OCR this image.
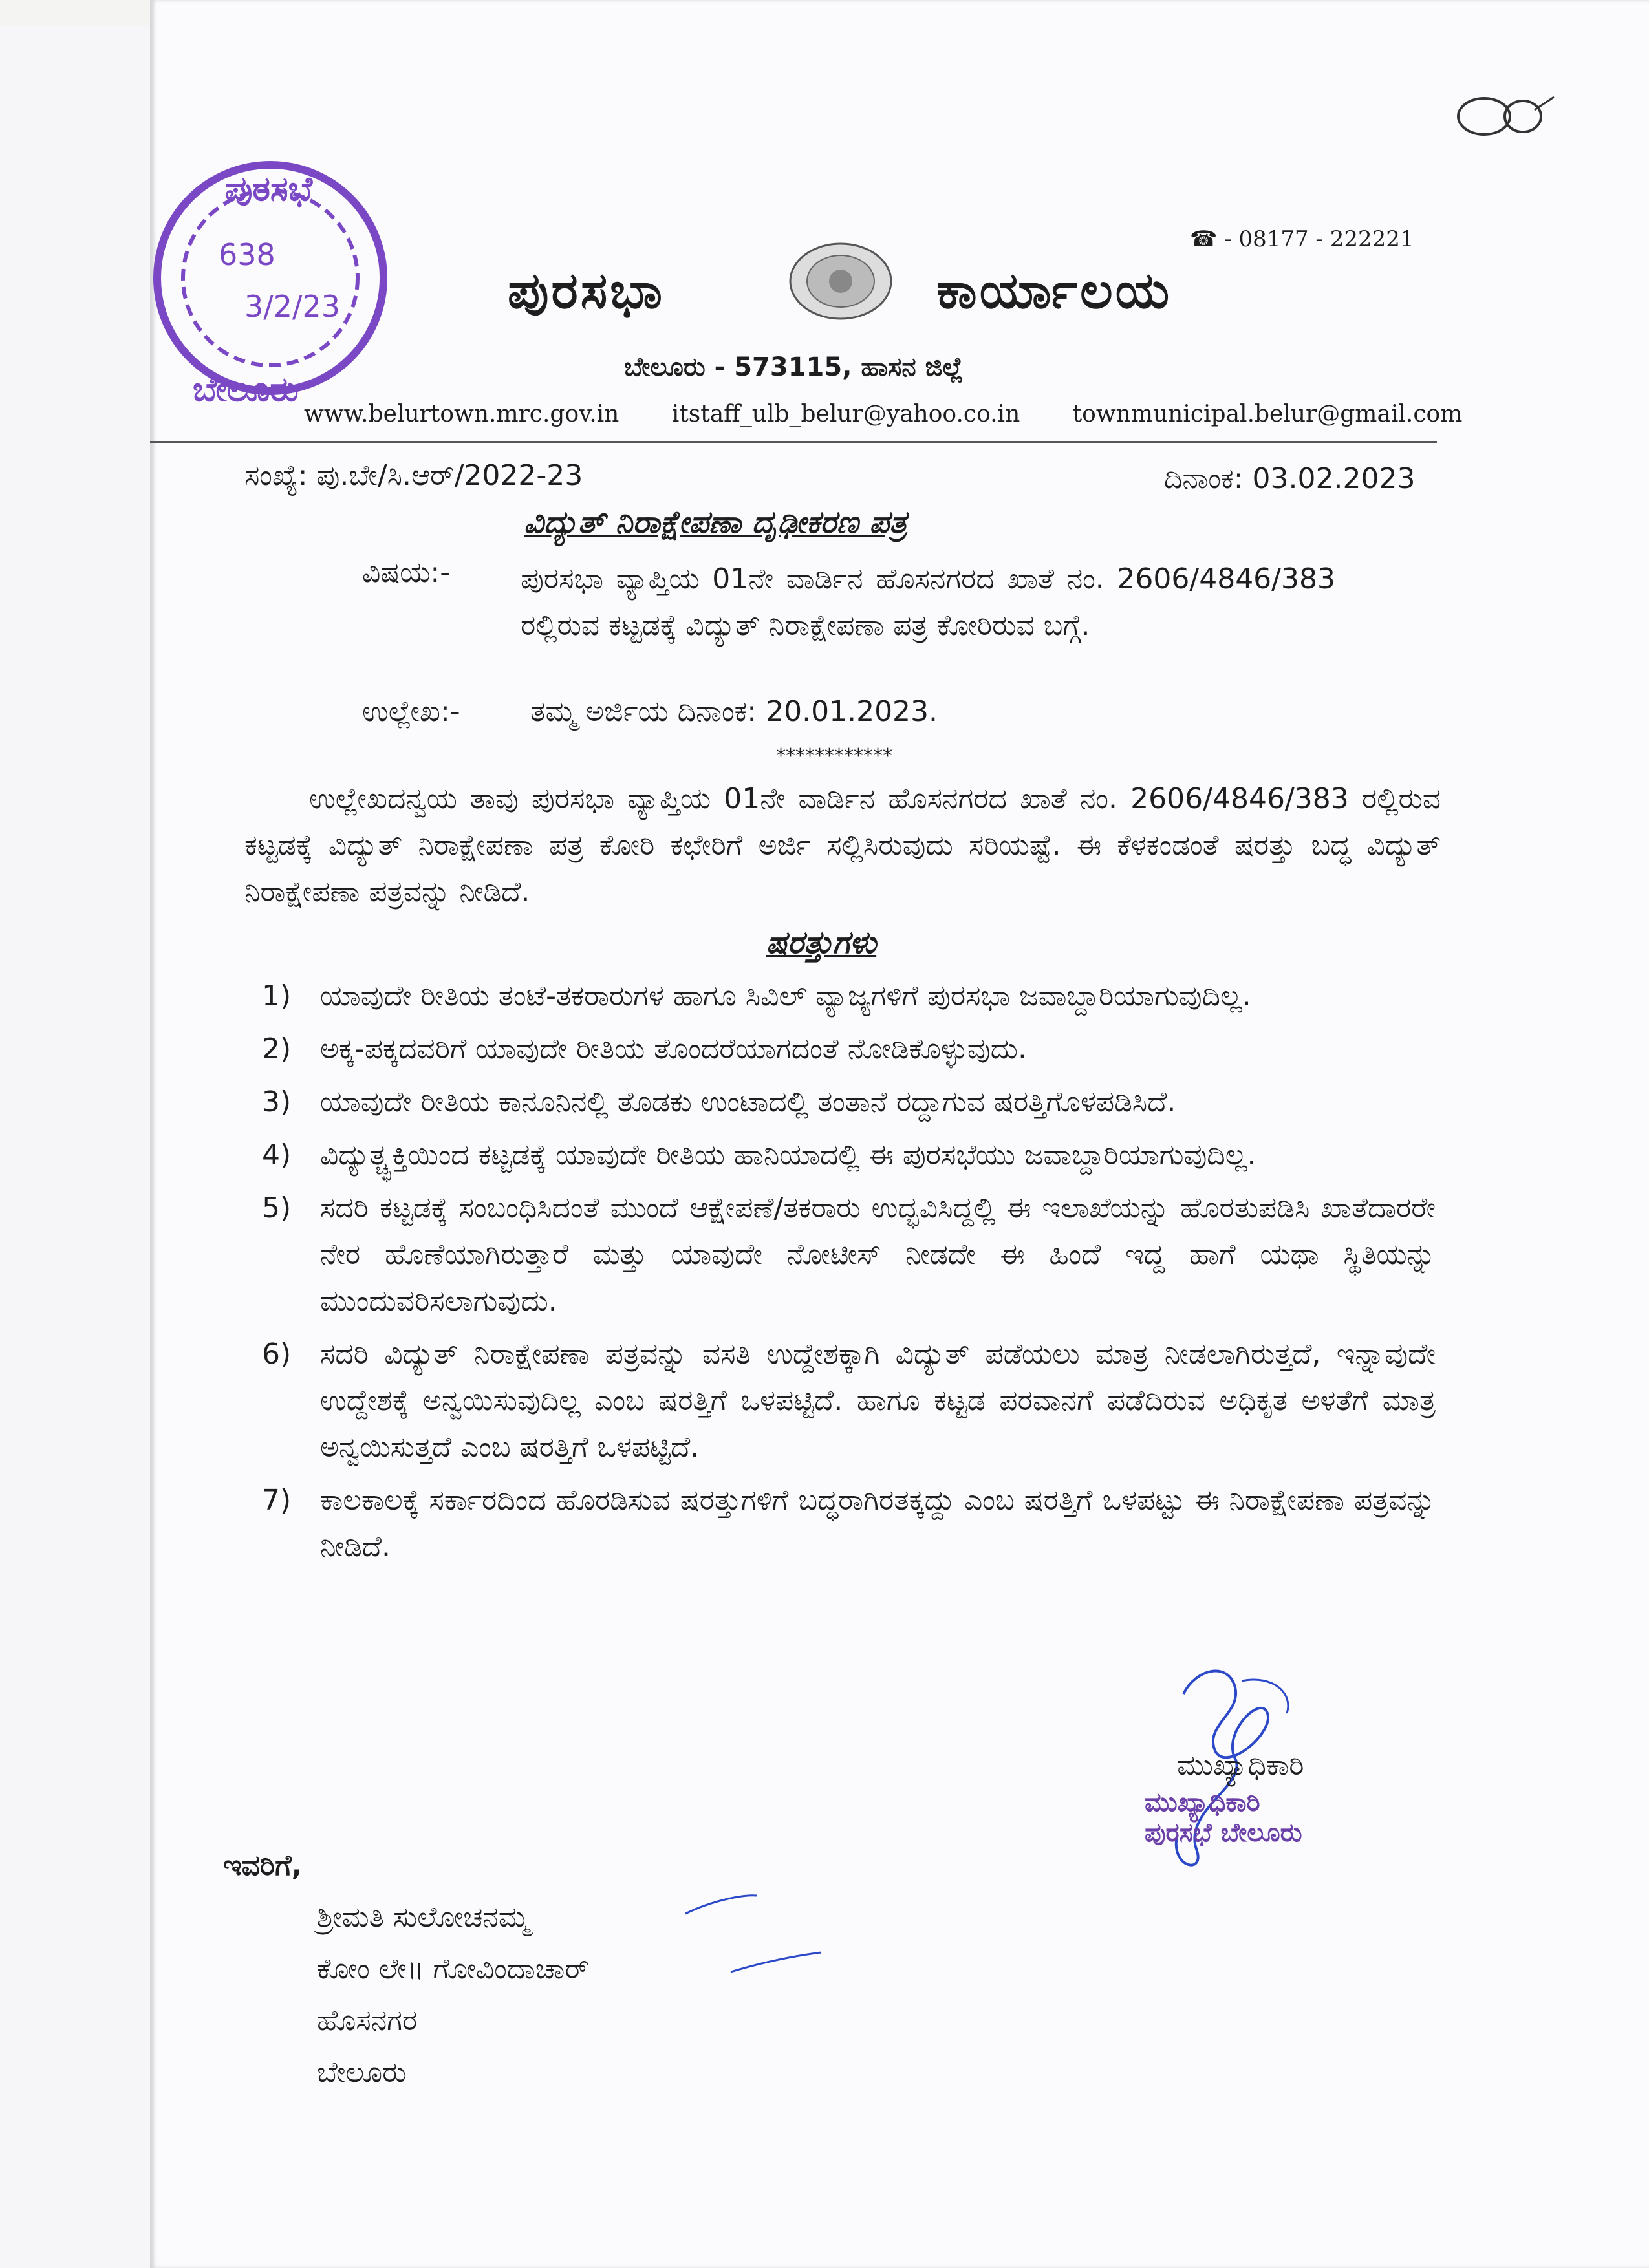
ಪುರಸಭೆ
638
3/2/23
ಬೇಲೂರು
☎ - 08177 - 222221
ಪುರಸಭಾ	ಕಾರ್ಯಾಲಯ
ಬೇಲೂರು - 573115, ಹಾಸನ ಜಿಲ್ಲೆ
www.belurtown.mrc.gov.in itstaff_ulb_belur@yahoo.co.in townmunicipal.belur@gmail.com
ಸಂಖ್ಯೆ: ಪು.ಬೇ/ಸಿ.ಆರ್/2022-23	ದಿನಾಂಕ: 03.02.2023
ವಿದ್ಯುತ್ ನಿರಾಕ್ಷೇಪಣಾ ದೃಢೀಕರಣ ಪತ್ರ
ವಿಷಯ:- ಪುರಸಭಾ ವ್ಯಾಪ್ತಿಯ 01ನೇ ವಾರ್ಡಿನ ಹೊಸನಗರದ ಖಾತೆ ನಂ. 2606/4846/383 ರಲ್ಲಿರುವ ಕಟ್ಟಡಕ್ಕೆ ವಿದ್ಯುತ್ ನಿರಾಕ್ಷೇಪಣಾ ಪತ್ರ ಕೋರಿರುವ ಬಗ್ಗೆ.
ಉಲ್ಲೇಖ:- ತಮ್ಮ ಅರ್ಜಿಯ ದಿನಾಂಕ: 20.01.2023.
************
ಉಲ್ಲೇಖದನ್ವಯ ತಾವು ಪುರಸಭಾ ವ್ಯಾಪ್ತಿಯ 01ನೇ ವಾರ್ಡಿನ ಹೊಸನಗರದ ಖಾತೆ ನಂ. 2606/4846/383 ರಲ್ಲಿರುವ ಕಟ್ಟಡಕ್ಕೆ ವಿದ್ಯುತ್ ನಿರಾಕ್ಷೇಪಣಾ ಪತ್ರ ಕೋರಿ ಕಛೇರಿಗೆ ಅರ್ಜಿ ಸಲ್ಲಿಸಿರುವುದು ಸರಿಯಷ್ಟೆ. ಈ ಕೆಳಕಂಡಂತೆ ಷರತ್ತು ಬದ್ಧ ವಿದ್ಯುತ್ ನಿರಾಕ್ಷೇಪಣಾ ಪತ್ರವನ್ನು ನೀಡಿದೆ.
ಷರತ್ತುಗಳು
1)	ಯಾವುದೇ ರೀತಿಯ ತಂಟೆ-ತಕರಾರುಗಳ ಹಾಗೂ ಸಿವಿಲ್ ವ್ಯಾಜ್ಯಗಳಿಗೆ ಪುರಸಭಾ ಜವಾಬ್ದಾರಿಯಾಗುವುದಿಲ್ಲ.
2)	ಅಕ್ಕ-ಪಕ್ಕದವರಿಗೆ ಯಾವುದೇ ರೀತಿಯ ತೊಂದರೆಯಾಗದಂತೆ ನೋಡಿಕೊಳ್ಳುವುದು.
3)	ಯಾವುದೇ ರೀತಿಯ ಕಾನೂನಿನಲ್ಲಿ ತೊಡಕು ಉಂಟಾದಲ್ಲಿ ತಂತಾನೆ ರದ್ದಾಗುವ ಷರತ್ತಿಗೊಳಪಡಿಸಿದೆ.
4)	ವಿದ್ಯುತ್ಚ್ಛಕ್ತಿಯಿಂದ ಕಟ್ಟಡಕ್ಕೆ ಯಾವುದೇ ರೀತಿಯ ಹಾನಿಯಾದಲ್ಲಿ ಈ ಪುರಸಭೆಯು ಜವಾಬ್ದಾರಿಯಾಗುವುದಿಲ್ಲ.
5)	ಸದರಿ ಕಟ್ಟಡಕ್ಕೆ ಸಂಬಂಧಿಸಿದಂತೆ ಮುಂದೆ ಆಕ್ಷೇಪಣೆ/ತಕರಾರು ಉದ್ಭವಿಸಿದ್ದಲ್ಲಿ ಈ ಇಲಾಖೆಯನ್ನು ಹೊರತುಪಡಿಸಿ ಖಾತೆದಾರರೇ ನೇರ ಹೊಣೆಯಾಗಿರುತ್ತಾರೆ ಮತ್ತು ಯಾವುದೇ ನೋಟೀಸ್ ನೀಡದೇ ಈ ಹಿಂದೆ ಇದ್ದ ಹಾಗೆ ಯಥಾ ಸ್ಥಿತಿಯನ್ನು ಮುಂದುವರಿಸಲಾಗುವುದು.
6)	ಸದರಿ ವಿದ್ಯುತ್ ನಿರಾಕ್ಷೇಪಣಾ ಪತ್ರವನ್ನು ವಸತಿ ಉದ್ದೇಶಕ್ಕಾಗಿ ವಿದ್ಯುತ್ ಪಡೆಯಲು ಮಾತ್ರ ನೀಡಲಾಗಿರುತ್ತದೆ, ಇನ್ನಾವುದೇ ಉದ್ದೇಶಕ್ಕೆ ಅನ್ವಯಿಸುವುದಿಲ್ಲ ಎಂಬ ಷರತ್ತಿಗೆ ಒಳಪಟ್ಟಿದೆ. ಹಾಗೂ ಕಟ್ಟಡ ಪರವಾನಗೆ ಪಡೆದಿರುವ ಅಧಿಕೃತ ಅಳತೆಗೆ ಮಾತ್ರ ಅನ್ವಯಿಸುತ್ತದೆ ಎಂಬ ಷರತ್ತಿಗೆ ಒಳಪಟ್ಟಿದೆ.
7)	ಕಾಲಕಾಲಕ್ಕೆ ಸರ್ಕಾರದಿಂದ ಹೊರಡಿಸುವ ಷರತ್ತುಗಳಿಗೆ ಬದ್ಧರಾಗಿರತಕ್ಕದ್ದು ಎಂಬ ಷರತ್ತಿಗೆ ಒಳಪಟ್ಟು ಈ ನಿರಾಕ್ಷೇಪಣಾ ಪತ್ರವನ್ನು ನೀಡಿದೆ.
ಮುಖ್ಯಾಧಿಕಾರಿ
ಮುಖ್ಯಾಧಿಕಾರಿ
ಪುರಸಭೆ ಬೇಲೂರು
ಇವರಿಗೆ,
ಶ್ರೀಮತಿ ಸುಲೋಚನಮ್ಮ
ಕೋಂ ಲೇ॥ ಗೋವಿಂದಾಚಾರ್
ಹೊಸನಗರ
ಬೇಲೂರು
